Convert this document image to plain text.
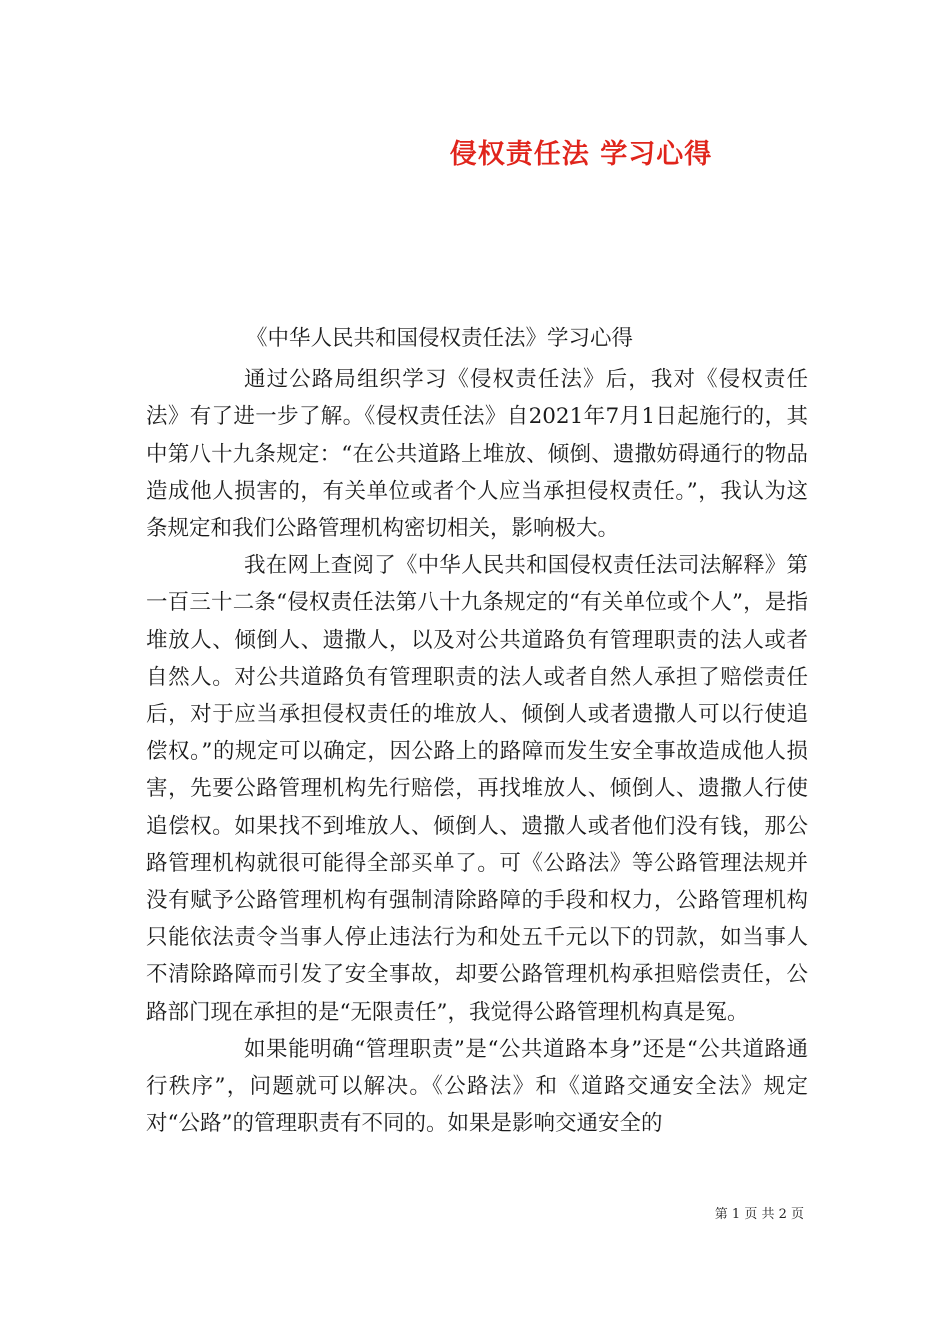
侵权责任法 学习心得

《中华人民共和国侵权责任法》学习心得

通过公路局组织学习《侵权责任法》后，我对《侵权责任法》有了进一步了解。《侵权责任法》自2021年7月1日起施行的，其中第八十九条规定：“在公共道路上堆放、倾倒、遗撒妨碍通行的物品造成他人损害的，有关单位或者个人应当承担侵权责任。”，我认为这条规定和我们公路管理机构密切相关，影响极大。

我在网上查阅了《中华人民共和国侵权责任法司法解释》第一百三十二条“侵权责任法第八十九条规定的“有关单位或个人”，是指堆放人、倾倒人、遗撒人，以及对公共道路负有管理职责的法人或者自然人。对公共道路负有管理职责的法人或者自然人承担了赔偿责任后，对于应当承担侵权责任的堆放人、倾倒人或者遗撒人可以行使追偿权。”的规定可以确定，因公路上的路障而发生安全事故造成他人损害，先要公路管理机构先行赔偿，再找堆放人、倾倒人、遗撒人行使追偿权。如果找不到堆放人、倾倒人、遗撒人或者他们没有钱，那公路管理机构就很可能得全部买单了。可《公路法》等公路管理法规并没有赋予公路管理机构有强制清除路障的手段和权力，公路管理机构只能依法责令当事人停止违法行为和处五千元以下的罚款，如当事人不清除路障而引发了安全事故，却要公路管理机构承担赔偿责任，公路部门现在承担的是“无限责任”，我觉得公路管理机构真是冤。

如果能明确“管理职责”是“公共道路本身”还是“公共道路通行秩序”，问题就可以解决。《公路法》和《道路交通安全法》规定对“公路”的管理职责有不同的。如果是影响交通安全的

第 1 页 共 2 页
